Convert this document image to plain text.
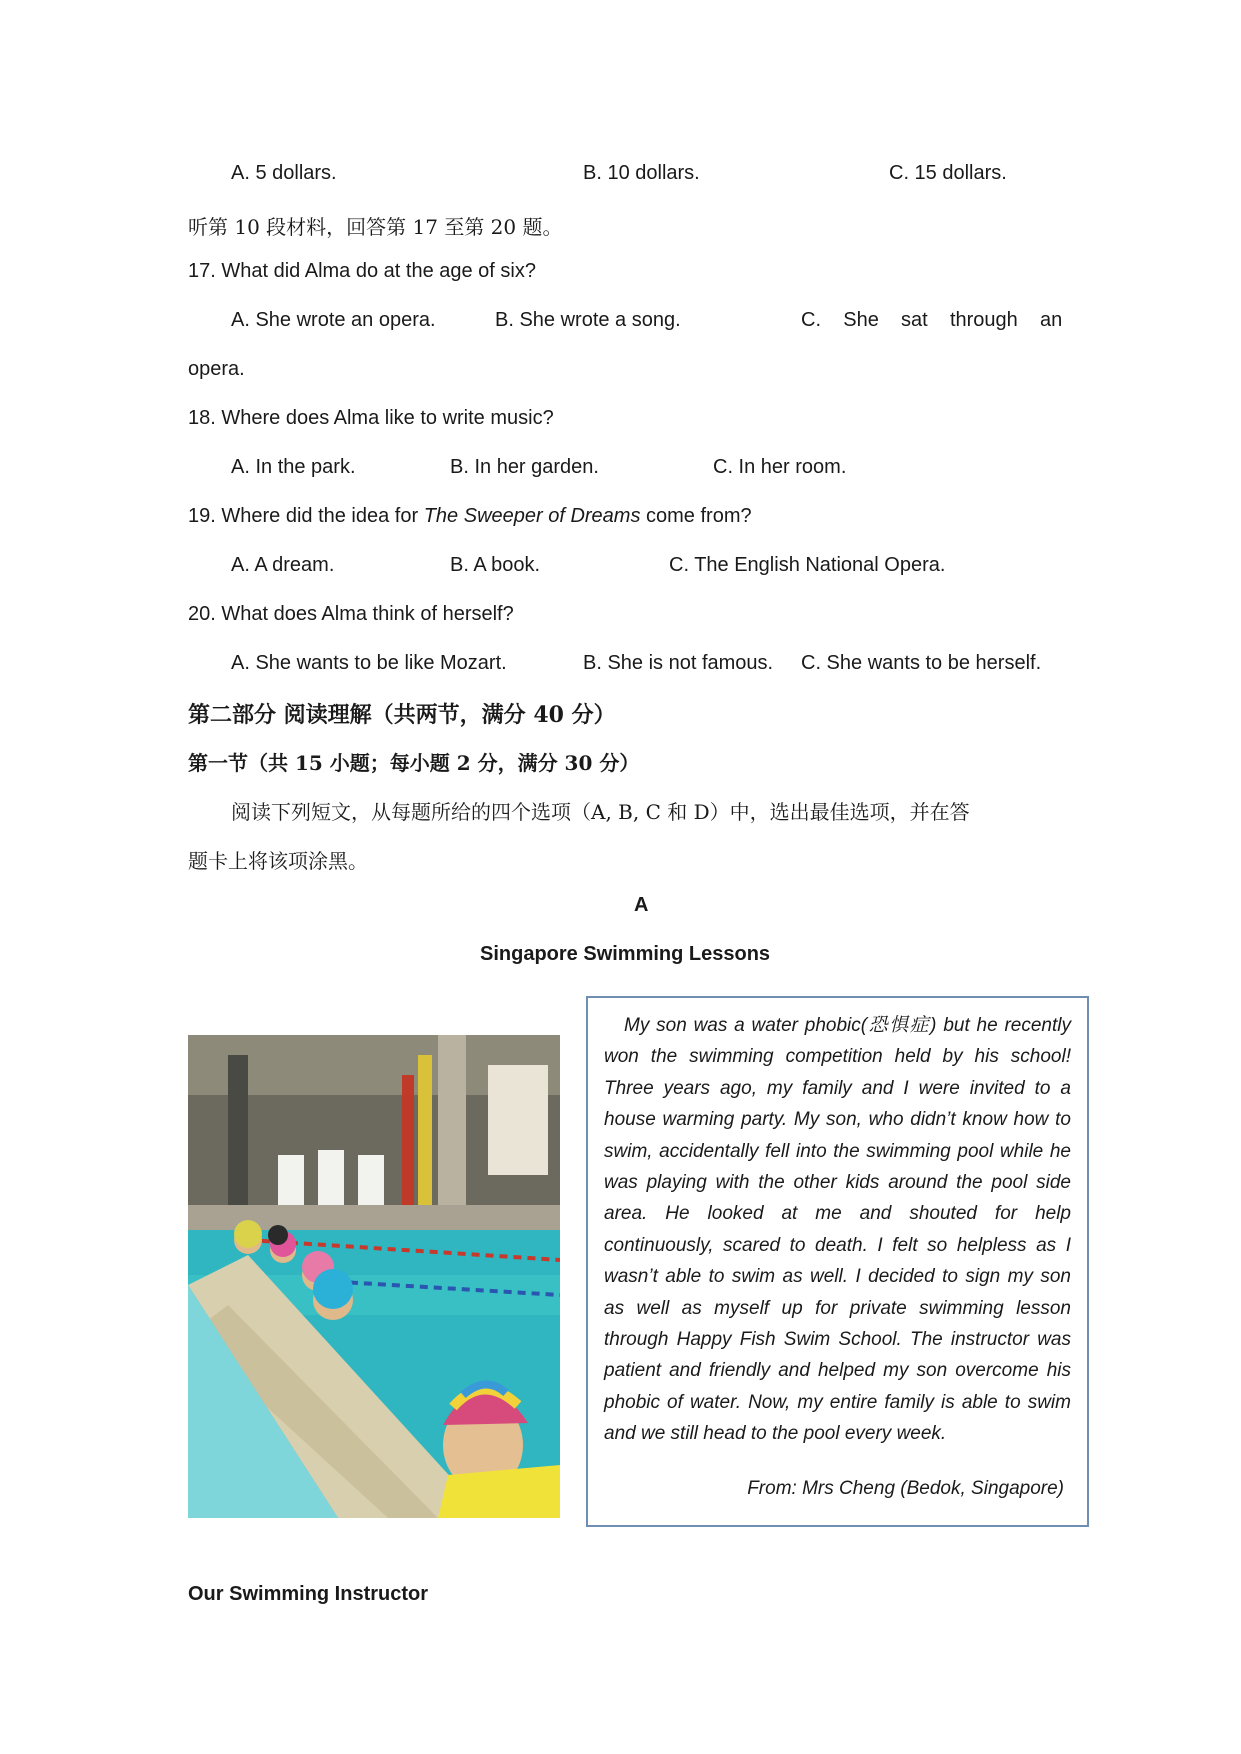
A. 5 dollars.	B. 10 dollars.	C. 15 dollars.
听第 10 段材料，回答第 17 至第 20 题。
17. What did Alma do at the age of six?
A. She wrote an opera.	B. She wrote a song.	C.    She    sat    through    an
opera.
18. Where does Alma like to write music?
A. In the park.	B. In her garden.	C. In her room.
19. Where did the idea for The Sweeper of Dreams come from?
A. A dream.	B. A book.	C. The English National Opera.
20. What does Alma think of herself?
A. She wants to be like Mozart.	B. She is not famous. C. She wants to be herself.
第二部分 阅读理解（共两节，满分 40 分）
第一节（共 15 小题；每小题 2 分，满分 30 分）
阅读下列短文，从每题所给的四个选项（A, B, C 和 D）中，选出最佳选项，并在答
题卡上将该项涂黑。
A
Singapore Swimming Lessons

My son was a water phobic(恐惧症) but he recently won the swimming competition held by his school! Three years ago, my family and I were invited to a house warming party. My son, who didn’t know how to swim, accidentally fell into the swimming pool while he was playing with the other kids around the pool side area. He looked at me and shouted for help continuously, scared to death. I felt so helpless as I wasn’t able to swim as well. I decided to sign my son as well as myself up for private swimming lesson through Happy Fish Swim School. The instructor was patient and friendly and helped my son overcome his phobic of water. Now, my entire family is able to swim and we still head to the pool every week.

From: Mrs Cheng (Bedok, Singapore)
Our Swimming Instructor
